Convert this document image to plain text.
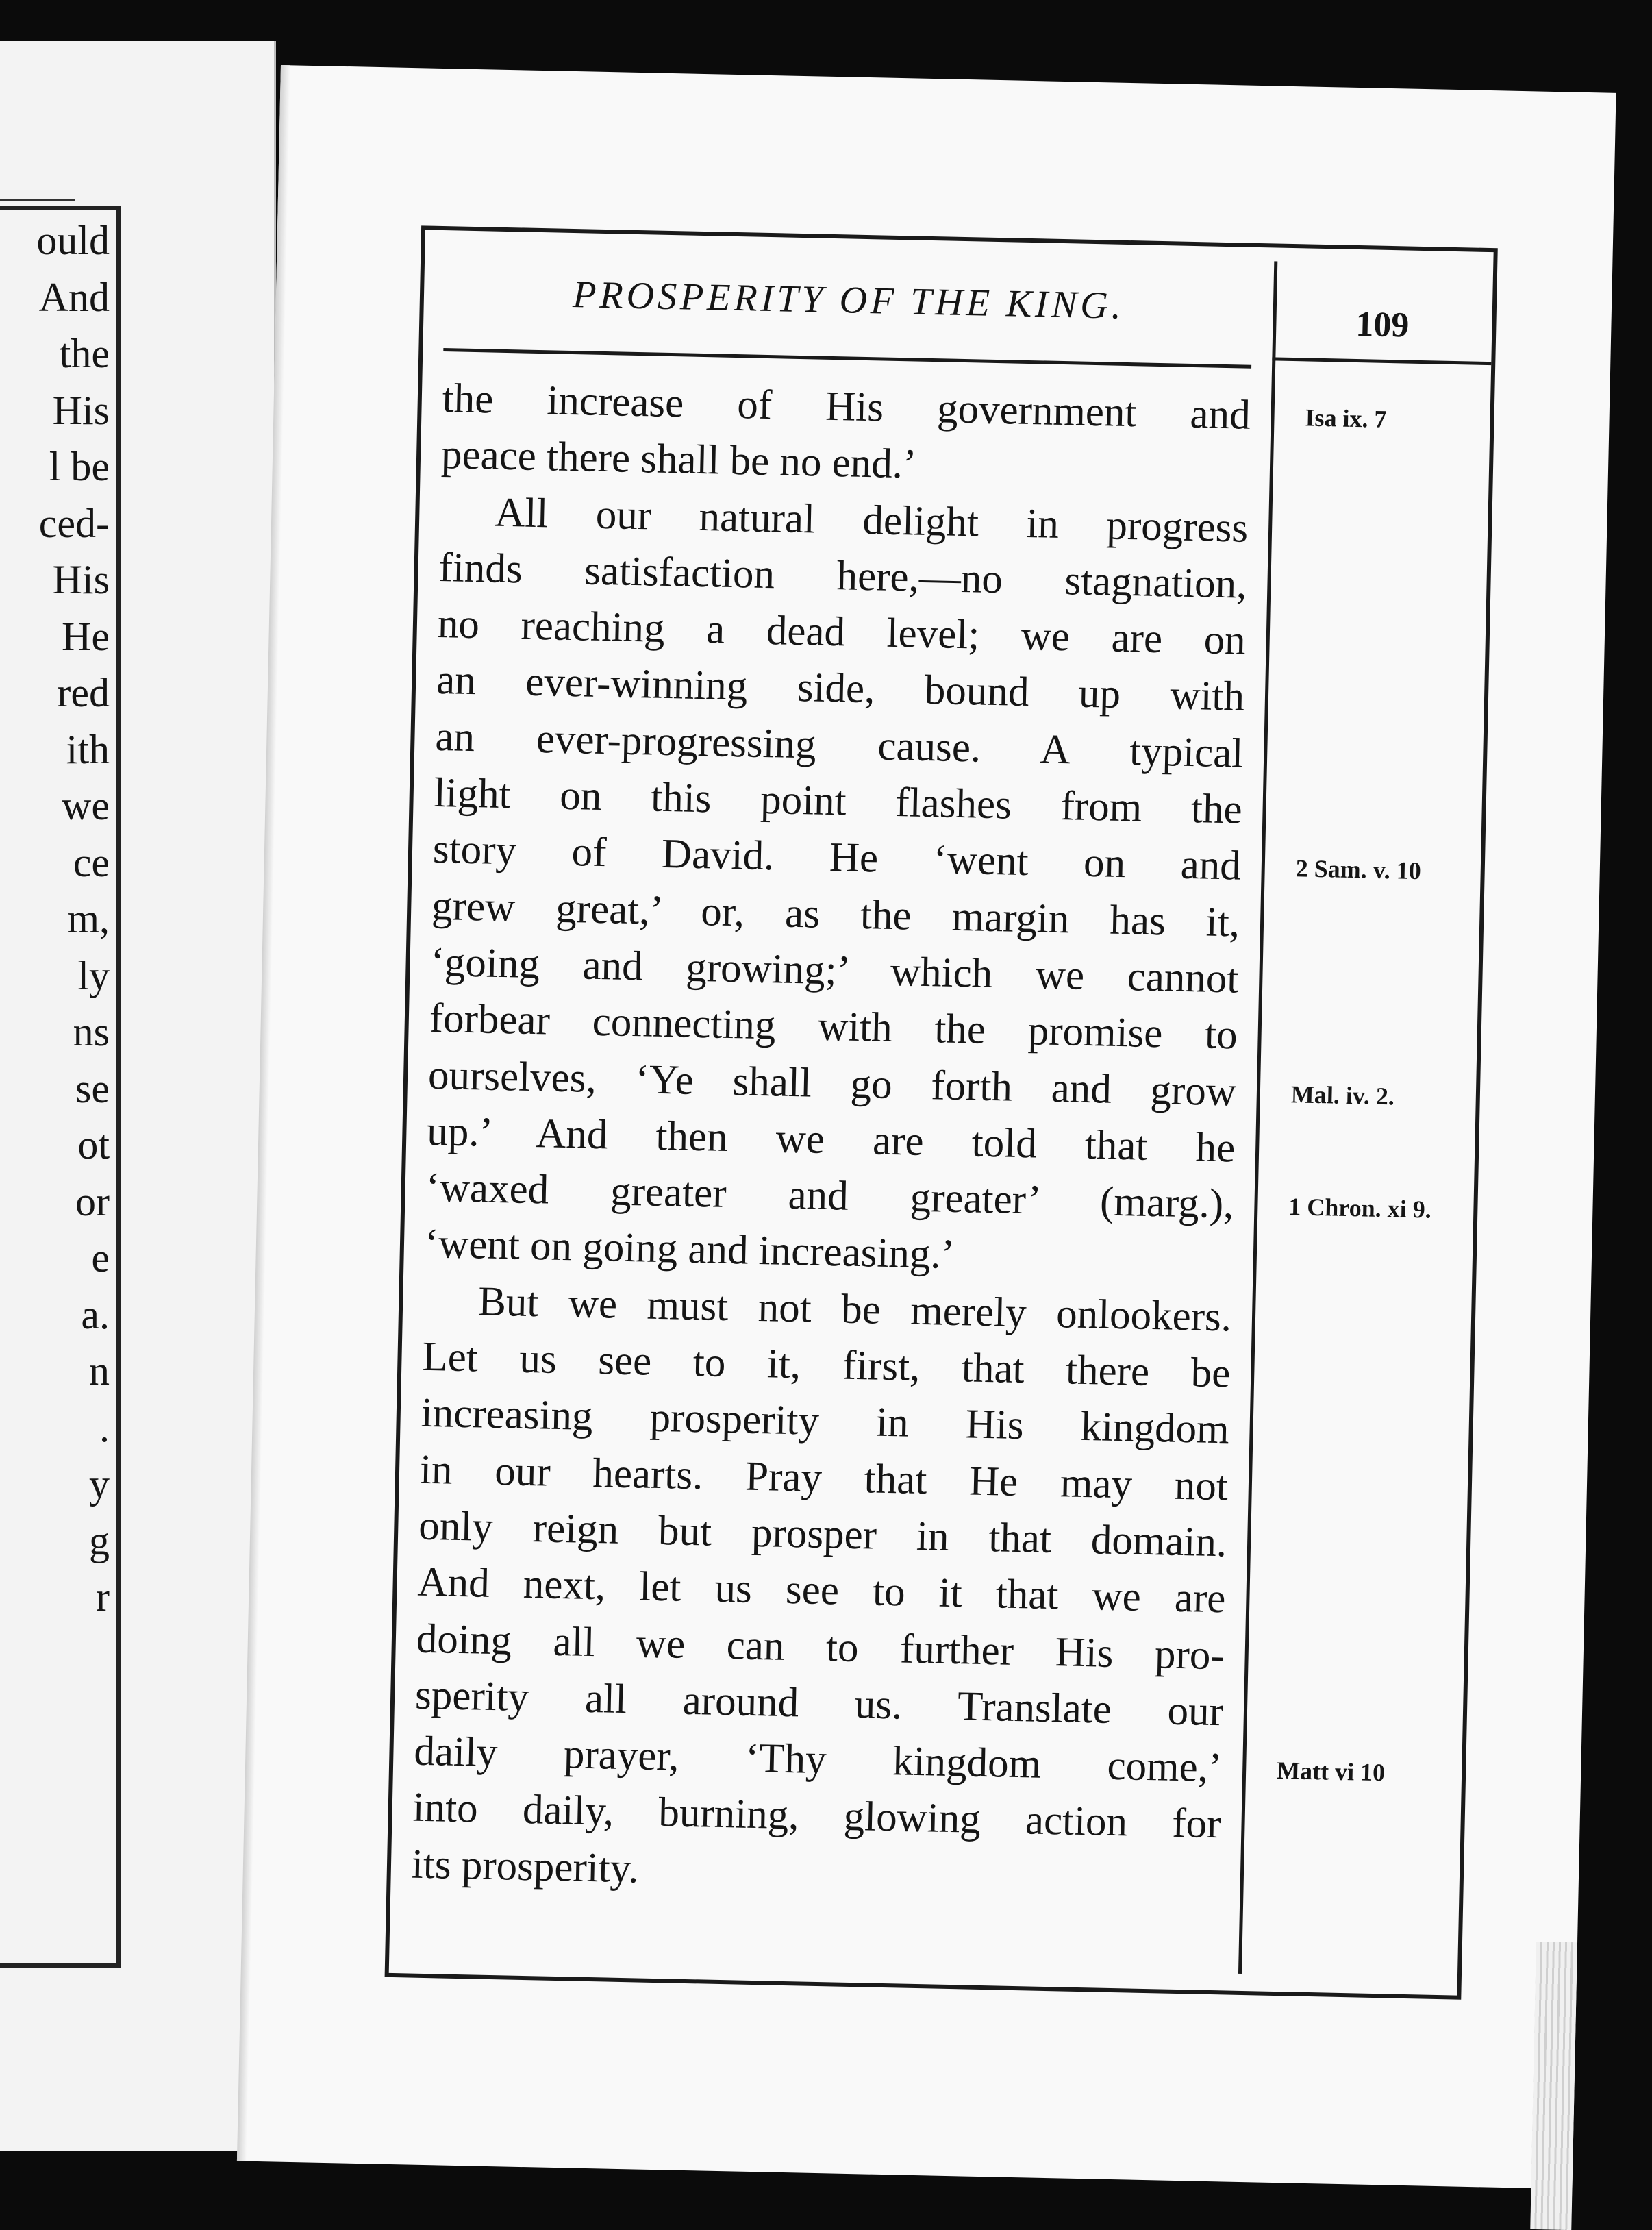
ould
And
the
His
l be
ced-
His
He
red
ith
we
ce
m,
ly
ns
se
ot
or
e
a.
n
.
y
g
r
PROSPERITY OF THE KING.	109
the increase of His government and
peace there shall be no end.’
All our natural delight in progress
finds satisfaction here,—no stagnation,
no reaching a dead level; we are on
an ever-winning side, bound up with
an ever-progressing cause. A typical
light on this point flashes from the
story of David. He ‘went on and
grew great,’ or, as the margin has it,
‘going and growing;’ which we cannot
forbear connecting with the promise to
ourselves, ‘Ye shall go forth and grow
up.’ And then we are told that he
‘waxed greater and greater’ (marg.),
‘went on going and increasing.’
But we must not be merely onlookers.
Let us see to it, first, that there be
increasing prosperity in His kingdom
in our hearts. Pray that He may not
only reign but prosper in that domain.
And next, let us see to it that we are
doing all we can to further His pro-
sperity all around us. Translate our
daily prayer, ‘Thy kingdom come,’
into daily, burning, glowing action for
its prosperity.
Isa ix. 7
2 Sam. v. 10
Mal. iv. 2.
1 Chron. xi 9.
Matt vi 10
